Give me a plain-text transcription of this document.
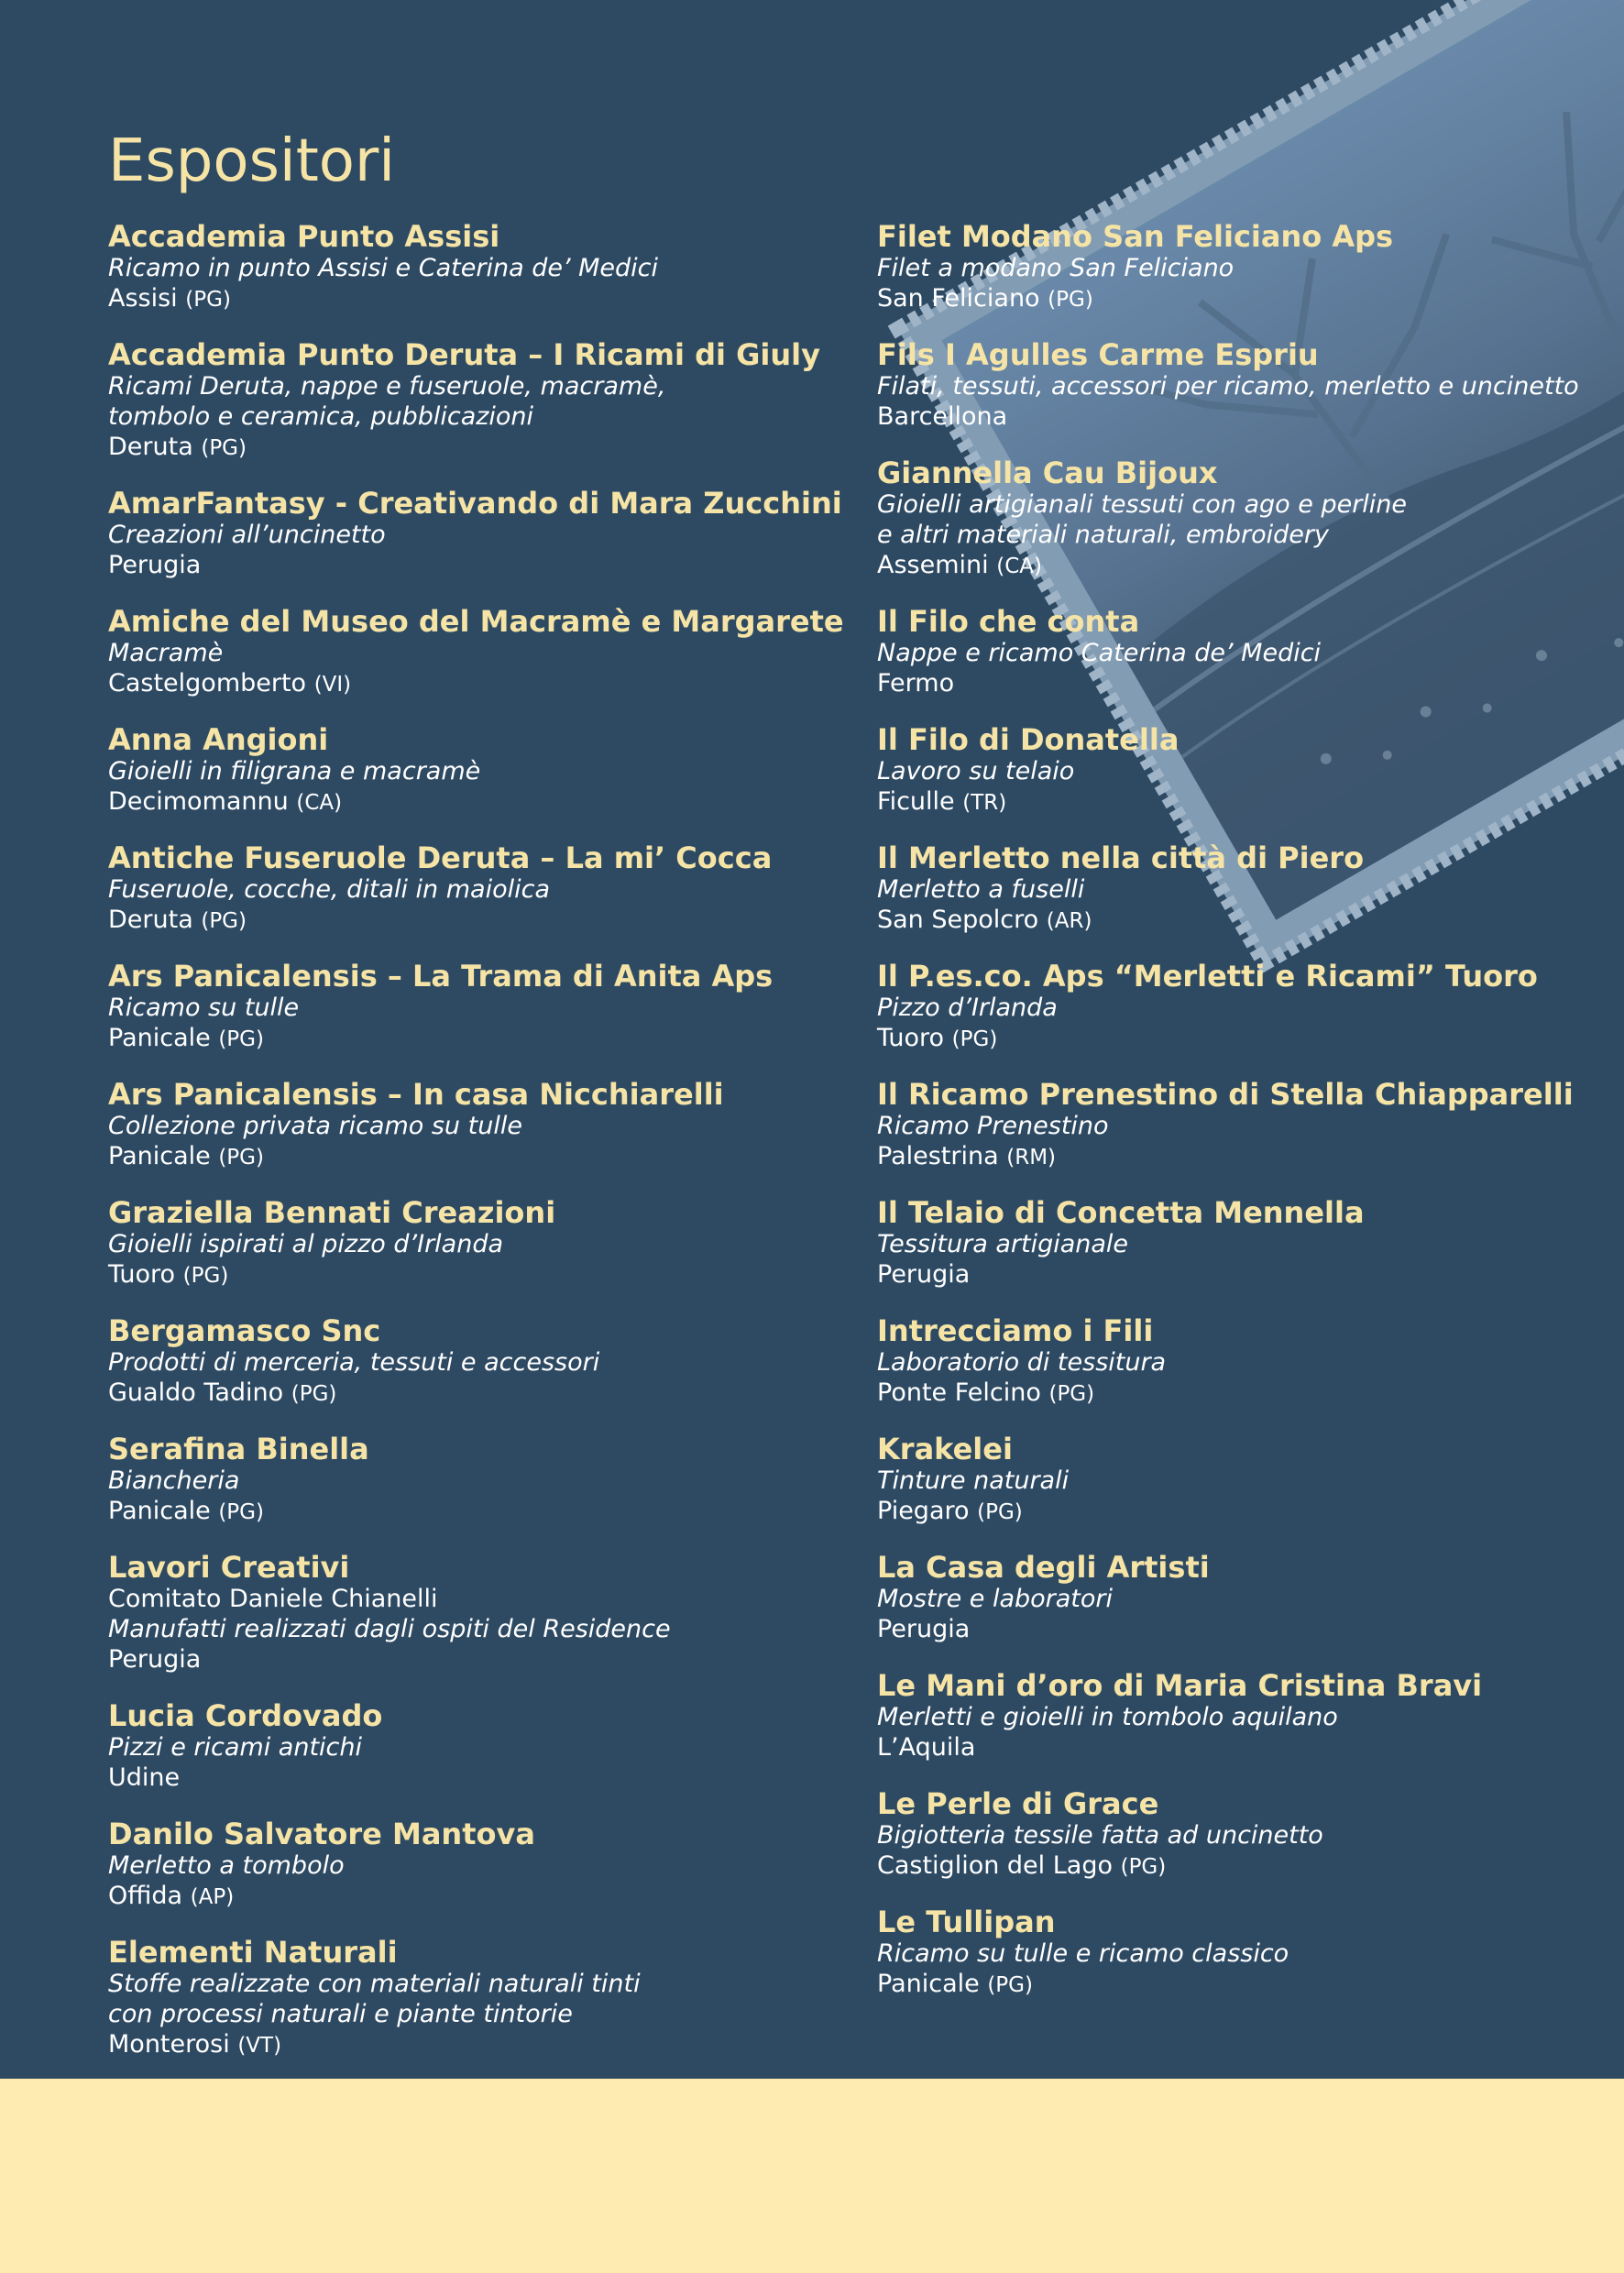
Espositori
Accademia Punto Assisi
Ricamo in punto Assisi e Caterina de’ Medici
Assisi (PG)
Accademia Punto Deruta – I Ricami di Giuly
Ricami Deruta, nappe e fuseruole, macramè,
tombolo e ceramica, pubblicazioni
Deruta (PG)
AmarFantasy - Creativando di Mara Zucchini
Creazioni all’uncinetto
Perugia
Amiche del Museo del Macramè e Margarete
Macramè
Castelgomberto (VI)
Anna Angioni
Gioielli in filigrana e macramè
Decimomannu (CA)
Antiche Fuseruole Deruta – La mi’ Cocca
Fuseruole, cocche, ditali in maiolica
Deruta (PG)
Ars Panicalensis – La Trama di Anita Aps
Ricamo su tulle
Panicale (PG)
Ars Panicalensis – In casa Nicchiarelli
Collezione privata ricamo su tulle
Panicale (PG)
Graziella Bennati Creazioni
Gioielli ispirati al pizzo d’Irlanda
Tuoro (PG)
Bergamasco Snc
Prodotti di merceria, tessuti e accessori
Gualdo Tadino (PG)
Serafina Binella
Biancheria
Panicale (PG)
Lavori Creativi
Comitato Daniele Chianelli
Manufatti realizzati dagli ospiti del Residence
Perugia
Lucia Cordovado
Pizzi e ricami antichi
Udine
Danilo Salvatore Mantova
Merletto a tombolo
Offida (AP)
Elementi Naturali
Stoffe realizzate con materiali naturali tinti
con processi naturali e piante tintorie
Monterosi (VT)
Filet Modano San Feliciano Aps
Filet a modano San Feliciano
San Feliciano (PG)
Fils I Agulles Carme Espriu
Filati, tessuti, accessori per ricamo, merletto e uncinetto
Barcellona
Giannella Cau Bijoux
Gioielli artigianali tessuti con ago e perline
e altri materiali naturali, embroidery
Assemini (CA)
Il Filo che conta
Nappe e ricamo Caterina de’ Medici
Fermo
Il Filo di Donatella
Lavoro su telaio
Ficulle (TR)
Il Merletto nella città di Piero
Merletto a fuselli
San Sepolcro (AR)
Il P.es.co. Aps “Merletti e Ricami” Tuoro
Pizzo d’Irlanda
Tuoro (PG)
Il Ricamo Prenestino di Stella Chiapparelli
Ricamo Prenestino
Palestrina (RM)
Il Telaio di Concetta Mennella
Tessitura artigianale
Perugia
Intrecciamo i Fili
Laboratorio di tessitura
Ponte Felcino (PG)
Krakelei
Tinture naturali
Piegaro (PG)
La Casa degli Artisti
Mostre e laboratori
Perugia
Le Mani d’oro di Maria Cristina Bravi
Merletti e gioielli in tombolo aquilano
L’Aquila
Le Perle di Grace
Bigiotteria tessile fatta ad uncinetto
Castiglion del Lago (PG)
Le Tullipan
Ricamo su tulle e ricamo classico
Panicale (PG)
